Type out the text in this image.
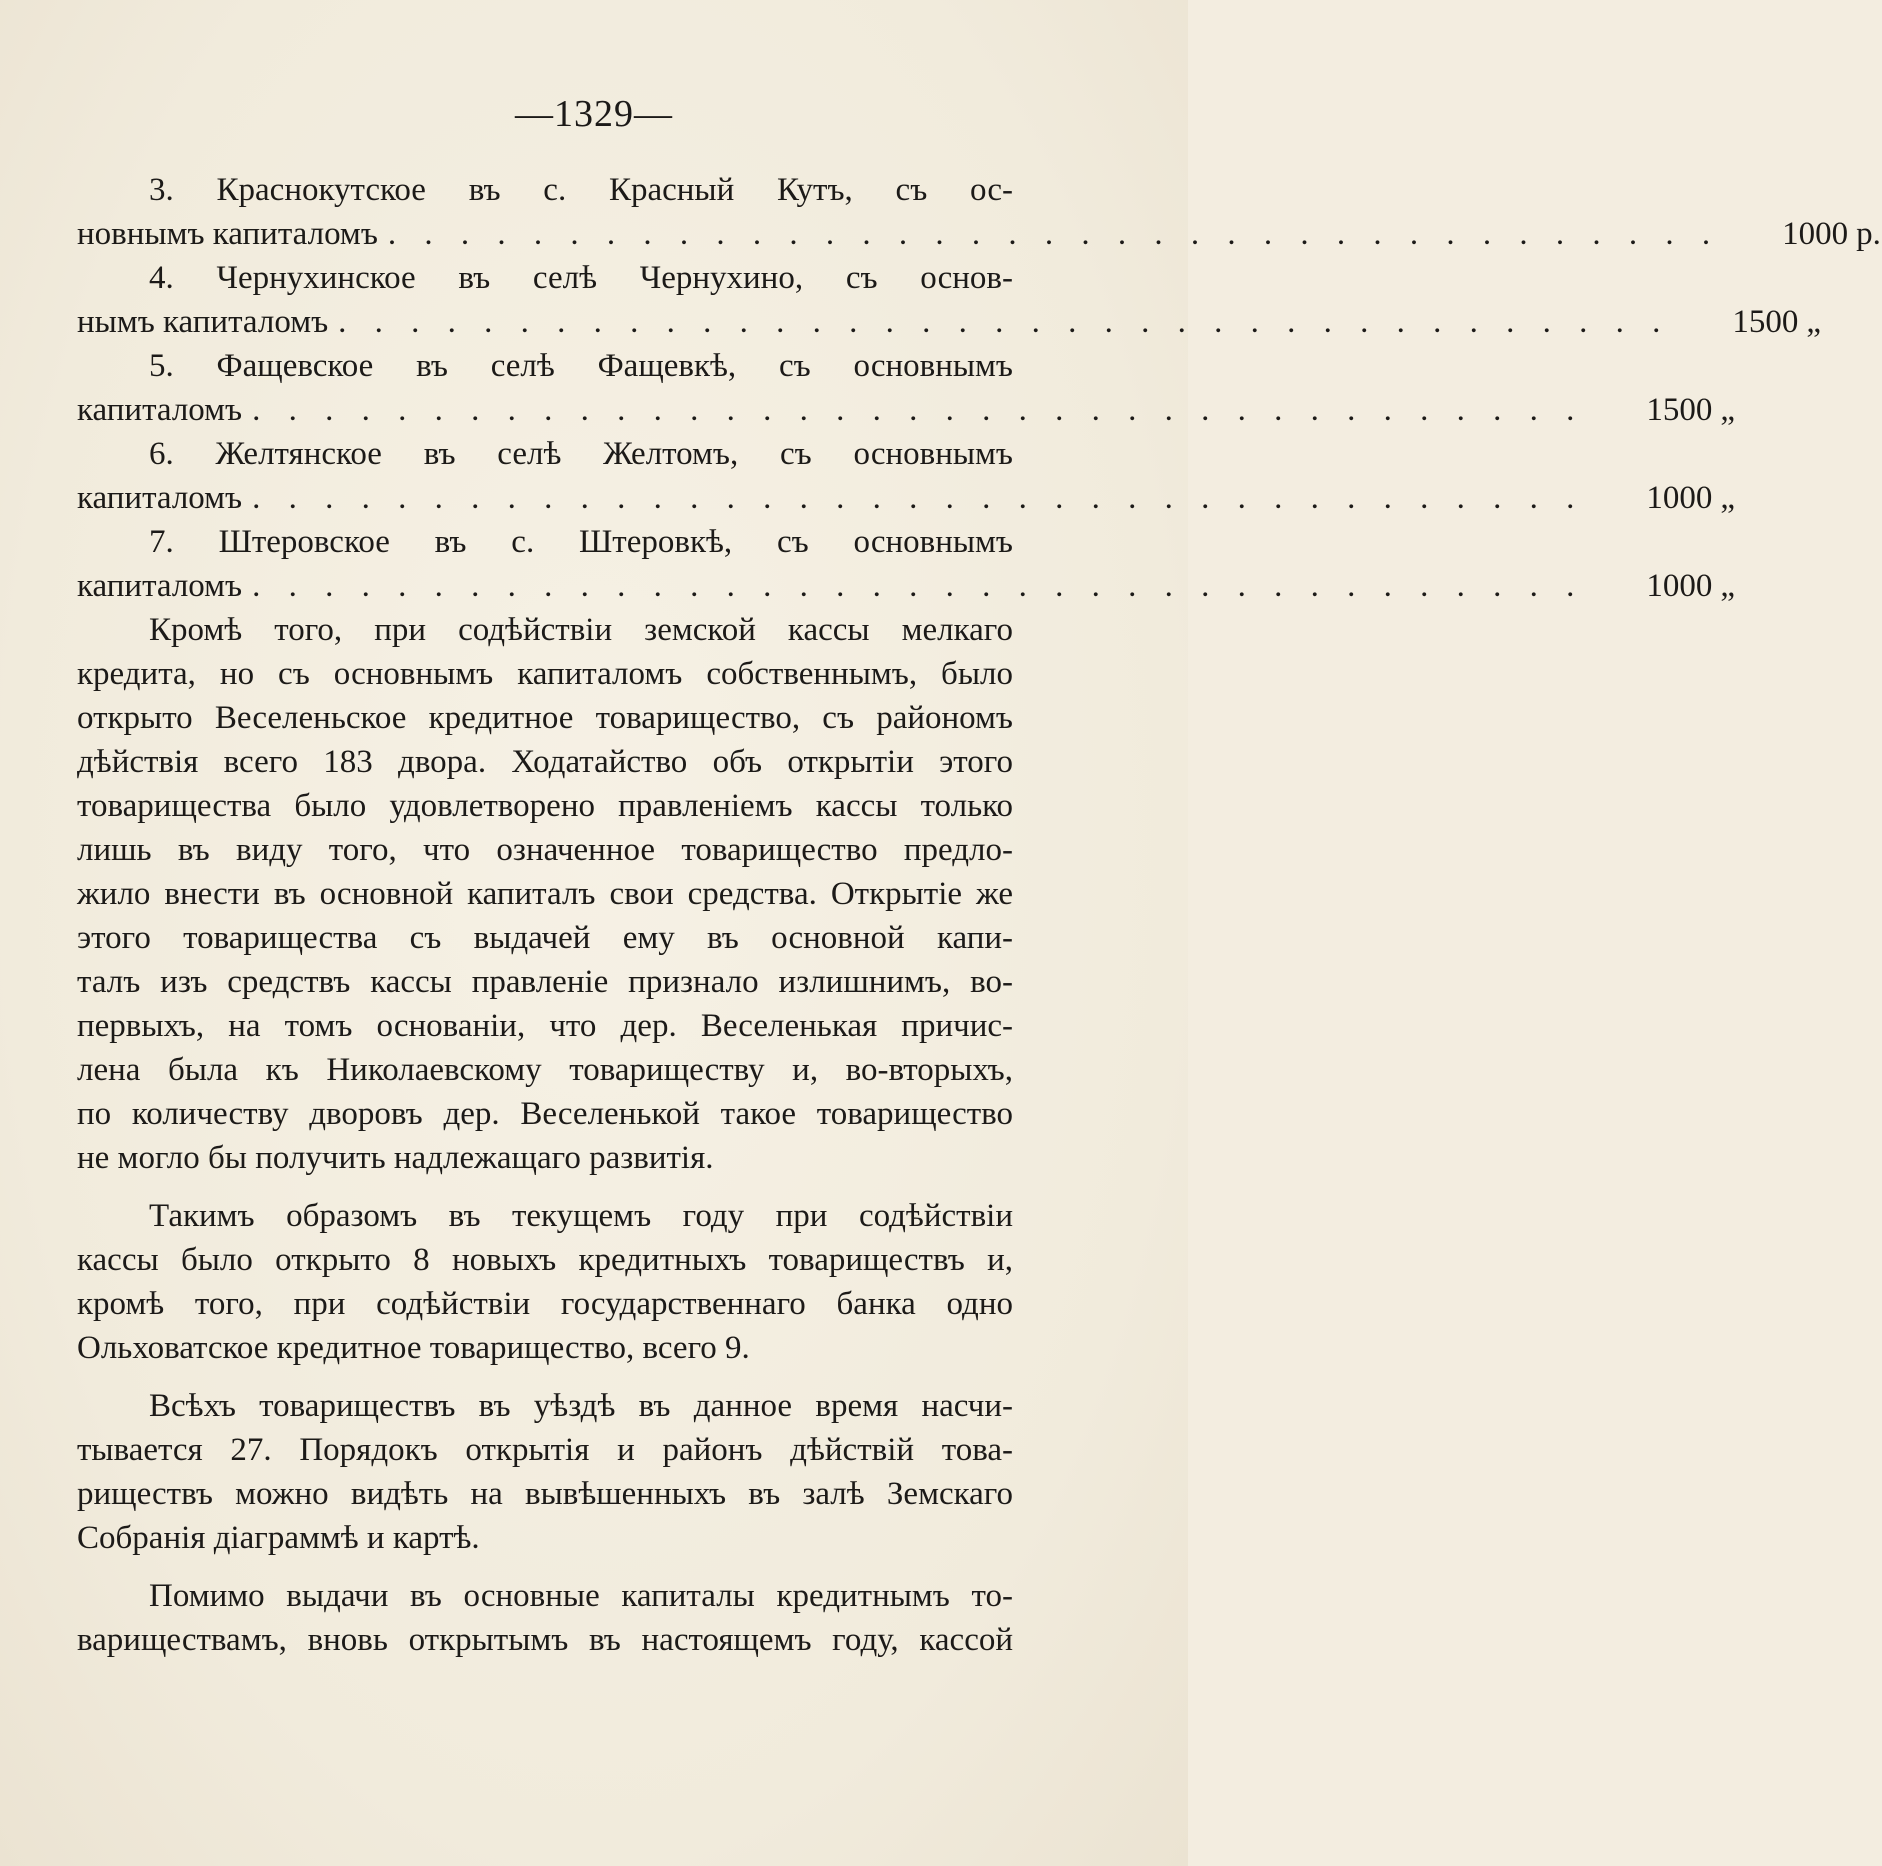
—1329—
3. Краснокутское въ с. Красный Кутъ, съ ос-
новнымъ капиталомъ . . . . . . . . . . . . . . . . . . . . . . . . . . . . . . . . . . . . .	1000 р.
4. Чернухинское въ селѣ Чернухино, съ основ-
нымъ капиталомъ . . . . . . . . . . . . . . . . . . . . . . . . . . . . . . . . . . . . .	1500 „
5. Фащевское въ селѣ Фащевкѣ, съ основнымъ
капиталомъ . . . . . . . . . . . . . . . . . . . . . . . . . . . . . . . . . . . . .	1500 „
6. Желтянское въ селѣ Желтомъ, съ основнымъ
капиталомъ . . . . . . . . . . . . . . . . . . . . . . . . . . . . . . . . . . . . .	1000 „
7. Штеровское въ с. Штеровкѣ, съ основнымъ
капиталомъ . . . . . . . . . . . . . . . . . . . . . . . . . . . . . . . . . . . . .	1000 „
Кромѣ того, при содѣйствіи земской кассы мелкаго
кредита, но съ основнымъ капиталомъ собственнымъ, было
открыто Веселеньское кредитное товарищество, съ райономъ
дѣйствія всего 183 двора. Ходатайство объ открытіи этого
товарищества было удовлетворено правленіемъ кассы только
лишь въ виду того, что означенное товарищество предло-
жило внести въ основной капиталъ свои средства. Открытіе же
этого товарищества съ выдачей ему въ основной капи-
талъ изъ средствъ кассы правленіе признало излишнимъ, во-
первыхъ, на томъ основаніи, что дер. Веселенькая причис-
лена была къ Николаевскому товариществу и, во-вторыхъ,
по количеству дворовъ дер. Веселенькой такое товарищество
не могло бы получить надлежащаго развитія.
Такимъ образомъ въ текущемъ году при содѣйствіи
кассы было открыто 8 новыхъ кредитныхъ товариществъ и,
кромѣ того, при содѣйствіи государственнаго банка одно
Ольховатское кредитное товарищество, всего 9.
Всѣхъ товариществъ въ уѣздѣ въ данное время насчи-
тывается 27. Порядокъ открытія и районъ дѣйствій това-
риществъ можно видѣть на вывѣшенныхъ въ залѣ Земскаго
Собранія діаграммѣ и картѣ.
Помимо выдачи въ основные капиталы кредитнымъ то-
вариществамъ, вновь открытымъ въ настоящемъ году, кассой
